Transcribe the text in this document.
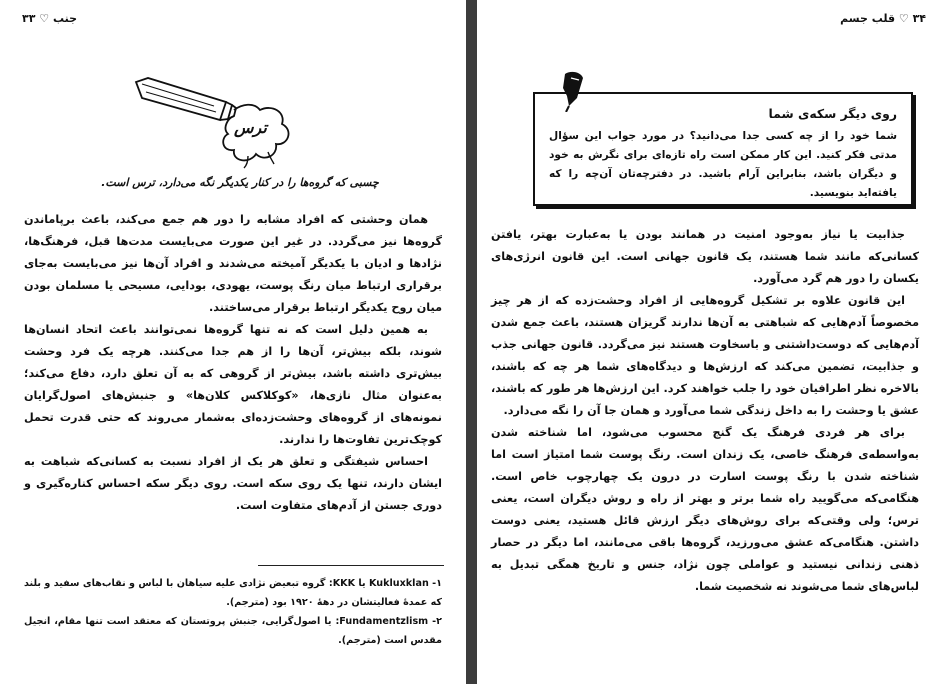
جنب ♡ ۳۳
ترس
چسبی که گروه‌ها را در کنار یکدیگر نگه می‌دارد، ترس است.

همان وحشتی که افراد مشابه را دور هم جمع می‌کند، باعث برپاماندن گروه‌ها نیز می‌گردد. در غیر این صورت می‌بایست مدت‌ها قبل، فرهنگ‌ها، نژادها و ادیان با یکدیگر آمیخته می‌شدند و افراد آن‌ها نیز می‌بایست به‌جای برقراری ارتباط میان رنگ پوست، یهودی، بودایی، مسیحی یا مسلمان بودن میان روح یکدیگر ارتباط برقرار می‌ساختند.

به همین دلیل است که نه تنها گروه‌ها نمی‌توانند باعث اتحاد انسان‌ها شوند، بلکه بیش‌تر، آن‌ها را از هم جدا می‌کنند. هرچه یک فرد وحشت بیش‌تری داشته باشد، بیش‌تر از گروهی که به آن تعلق دارد، دفاع می‌کند؛ به‌عنوان مثال نازی‌ها، «کوکلاکس کلان‌ها» و جنبش‌های اصول‌گرایان نمونه‌های از گروه‌های وحشت‌زده‌ای به‌شمار می‌روند که حتی قدرت تحمل کوچک‌ترین تفاوت‌ها را ندارند.

احساس شیفتگی و تعلق هر یک از افراد نسبت به کسانی‌که شباهت به ایشان دارند، تنها یک روی سکه است. روی دیگر سکه احساس کناره‌گیری و دوری جستن از آدم‌های متفاوت است.

۱- Kukluxklan یا KKK: گروه تبعیض نژادی علیه سیاهان با لباس و نقاب‌های سفید و بلند که عمدهٔ فعالیتشان در دههٔ ۱۹۲۰ بود (مترجم).

۲- Fundamentzlism: یا اصول‌گرایی، جنبش پروتستان که معتقد است تنها مقام، انجیل مقدس است (مترجم).

۳۴ ♡ قلب جسم
روی دیگر سکه‌ی شما
شما خود را از چه کسی جدا می‌دانید؟ در مورد جواب این سؤال مدتی فکر کنید. این کار ممکن است راه تازه‌ای برای نگرش به خود و دیگران باشد، بنابراین آرام باشید. در دفترچه‌تان آن‌چه را که یافته‌اید بنویسید.

جذابیت یا نیاز به‌وجود امنیت در همانند بودن یا به‌عبارت بهتر، یافتن کسانی‌که مانند شما هستند، یک قانون جهانی است. این قانون انرژی‌های یکسان را دور هم گرد می‌آورد.

این قانون علاوه بر تشکیل گروه‌هایی از افراد وحشت‌زده که از هر چیز مخصوصاً آدم‌هایی که شباهتی به آن‌ها ندارند گریزان هستند، باعث جمع شدن آدم‌هایی که دوست‌داشتنی و باسخاوت هستند نیز می‌گردد. قانون جهانی جذب و جذابیت، تضمین می‌کند که ارزش‌ها و دیدگاه‌های شما هر چه که باشند، بالاخره نظر اطرافیان خود را جلب خواهند کرد. این ارزش‌ها هر طور که باشند، عشق یا وحشت را به داخل زندگی شما می‌آورد و همان جا آن را نگه می‌دارد.

برای هر فردی فرهنگ یک گنج محسوب می‌شود، اما شناخته شدن به‌واسطه‌ی فرهنگ خاصی، یک زندان است. رنگ پوست شما امتیاز است اما شناخته شدن با رنگ پوست اسارت در درون یک چهارچوب خاص است. هنگامی‌که می‌گویید راه شما برتر و بهتر از راه و روش دیگران است، یعنی ترس؛ ولی وقتی‌که برای روش‌های دیگر ارزش قائل هستید، یعنی دوست داشتن. هنگامی‌که عشق می‌ورزید، گروه‌ها باقی می‌مانند، اما دیگر در حصار ذهنی زندانی نیستید و عواملی چون نژاد، جنس و تاریخ همگی تبدیل به لباس‌های شما می‌شوند نه شخصیت شما.
